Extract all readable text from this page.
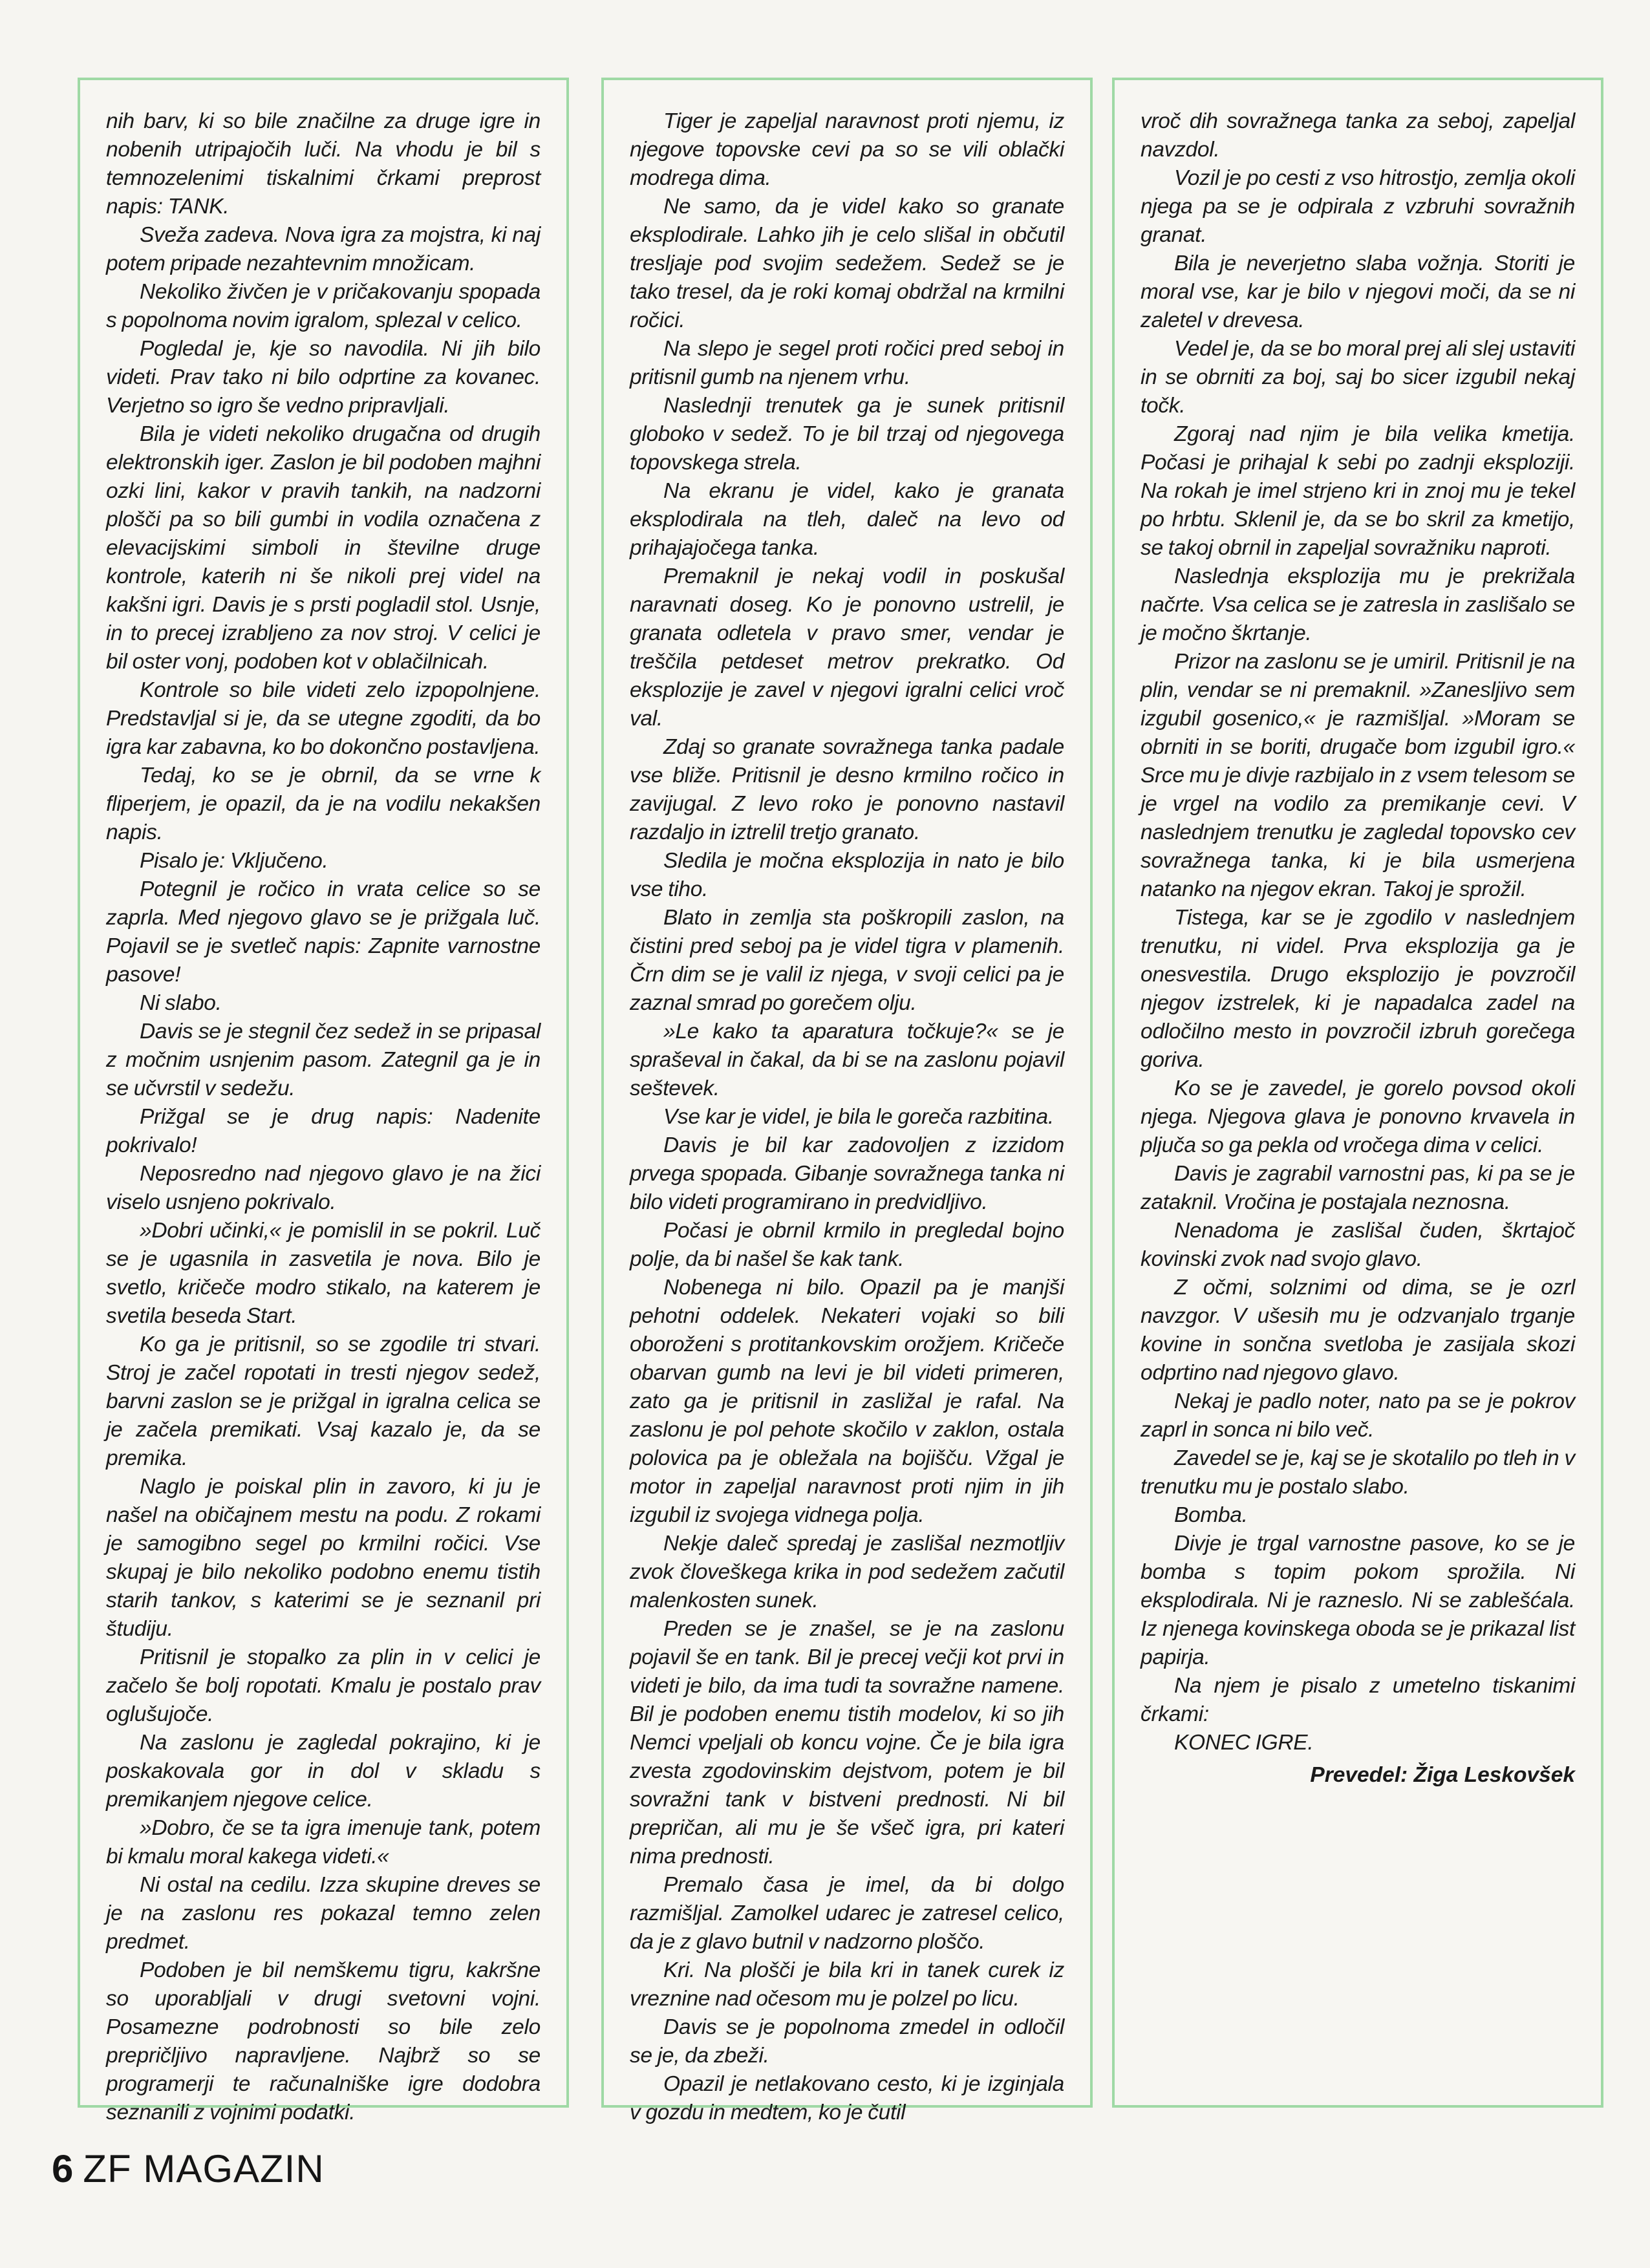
nih barv, ki so bile značilne za druge igre in nobenih utripajočih luči. Na vhodu je bil s temnozelenimi tiskalnimi črkami preprost napis: TANK.

Sveža zadeva. Nova igra za mojstra, ki naj potem pripade nezahtevnim množicam.

Nekoliko živčen je v pričakovanju spopada s popolnoma novim igralom, splezal v celico.

Pogledal je, kje so navodila. Ni jih bilo videti. Prav tako ni bilo odprtine za kovanec. Verjetno so igro še vedno pripravljali.

Bila je videti nekoliko drugačna od drugih elektronskih iger. Zaslon je bil podoben majhni ozki lini, kakor v pravih tankih, na nadzorni plošči pa so bili gumbi in vodila označena z elevacijskimi simboli in številne druge kontrole, katerih ni še nikoli prej videl na kakšni igri. Davis je s prsti pogladil stol. Usnje, in to precej izrabljeno za nov stroj. V celici je bil oster vonj, podoben kot v oblačilnicah.

Kontrole so bile videti zelo izpopolnjene. Predstavljal si je, da se utegne zgoditi, da bo igra kar zabavna, ko bo dokončno postavljena.

Tedaj, ko se je obrnil, da se vrne k fliperjem, je opazil, da je na vodilu nekakšen napis.

Pisalo je: Vključeno.

Potegnil je ročico in vrata celice so se zaprla. Med njegovo glavo se je prižgala luč. Pojavil se je svetleč napis: Zapnite varnostne pasove!

Ni slabo.

Davis se je stegnil čez sedež in se pripasal z močnim usnjenim pasom. Zategnil ga je in se učvrstil v sedežu.

Prižgal se je drug napis: Nadenite pokrivalo!

Neposredno nad njegovo glavo je na žici viselo usnjeno pokrivalo.

»Dobri učinki,« je pomislil in se pokril. Luč se je ugasnila in zasvetila je nova. Bilo je svetlo, kričeče modro stikalo, na katerem je svetila beseda Start.

Ko ga je pritisnil, so se zgodile tri stvari. Stroj je začel ropotati in tresti njegov sedež, barvni zaslon se je prižgal in igralna celica se je začela premikati. Vsaj kazalo je, da se premika.

Naglo je poiskal plin in zavoro, ki ju je našel na običajnem mestu na podu. Z rokami je samogibno segel po krmilni ročici. Vse skupaj je bilo nekoliko podobno enemu tistih starih tankov, s katerimi se je seznanil pri študiju.

Pritisnil je stopalko za plin in v celici je začelo še bolj ropotati. Kmalu je postalo prav oglušujoče.

Na zaslonu je zagledal pokrajino, ki je poskakovala gor in dol v skladu s premikanjem njegove celice.

»Dobro, če se ta igra imenuje tank, potem bi kmalu moral kakega videti.«

Ni ostal na cedilu. Izza skupine dreves se je na zaslonu res pokazal temno zelen predmet.

Podoben je bil nemškemu tigru, kakršne so uporabljali v drugi svetovni vojni. Posamezne podrobnosti so bile zelo prepričljivo napravljene. Najbrž so se programerji te računalniške igre dodobra seznanili z vojnimi podatki.

Tiger je zapeljal naravnost proti njemu, iz njegove topovske cevi pa so se vili oblački modrega dima.

Ne samo, da je videl kako so granate eksplodirale. Lahko jih je celo slišal in občutil tresljaje pod svojim sedežem. Sedež se je tako tresel, da je roki komaj obdržal na krmilni ročici.

Na slepo je segel proti ročici pred seboj in pritisnil gumb na njenem vrhu.

Naslednji trenutek ga je sunek pritisnil globoko v sedež. To je bil trzaj od njegovega topovskega strela.

Na ekranu je videl, kako je granata eksplodirala na tleh, daleč na levo od prihajajočega tanka.

Premaknil je nekaj vodil in poskušal naravnati doseg. Ko je ponovno ustrelil, je granata odletela v pravo smer, vendar je treščila petdeset metrov prekratko. Od eksplozije je zavel v njegovi igralni celici vroč val.

Zdaj so granate sovražnega tanka padale vse bliže. Pritisnil je desno krmilno ročico in zavijugal. Z levo roko je ponovno nastavil razdaljo in iztrelil tretjo granato.

Sledila je močna eksplozija in nato je bilo vse tiho.

Blato in zemlja sta poškropili zaslon, na čistini pred seboj pa je videl tigra v plamenih. Črn dim se je valil iz njega, v svoji celici pa je zaznal smrad po gorečem olju.

»Le kako ta aparatura točkuje?« se je spraševal in čakal, da bi se na zaslonu pojavil seštevek.

Vse kar je videl, je bila le goreča razbitina.

Davis je bil kar zadovoljen z izzidom prvega spopada. Gibanje sovražnega tanka ni bilo videti programirano in predvidljivo.

Počasi je obrnil krmilo in pregledal bojno polje, da bi našel še kak tank.

Nobenega ni bilo. Opazil pa je manjši pehotni oddelek. Nekateri vojaki so bili oboroženi s protitankovskim orožjem. Kričeče obarvan gumb na levi je bil videti primeren, zato ga je pritisnil in zasližal je rafal. Na zaslonu je pol pehote skočilo v zaklon, ostala polovica pa je obležala na bojišču. Vžgal je motor in zapeljal naravnost proti njim in jih izgubil iz svojega vidnega polja.

Nekje daleč spredaj je zaslišal nezmotljiv zvok človeškega krika in pod sedežem začutil malenkosten sunek.

Preden se je znašel, se je na zaslonu pojavil še en tank. Bil je precej večji kot prvi in videti je bilo, da ima tudi ta sovražne namene. Bil je podoben enemu tistih modelov, ki so jih Nemci vpeljali ob koncu vojne. Če je bila igra zvesta zgodovinskim dejstvom, potem je bil sovražni tank v bistveni prednosti. Ni bil prepričan, ali mu je še všeč igra, pri kateri nima prednosti.

Premalo časa je imel, da bi dolgo razmišljal. Zamolkel udarec je zatresel celico, da je z glavo butnil v nadzorno ploščo.

Kri. Na plošči je bila kri in tanek curek iz vreznine nad očesom mu je polzel po licu.

Davis se je popolnoma zmedel in odločil se je, da zbeži.

Opazil je netlakovano cesto, ki je izginjala v gozdu in medtem, ko je čutil

vroč dih sovražnega tanka za seboj, zapeljal navzdol.

Vozil je po cesti z vso hitrostjo, zemlja okoli njega pa se je odpirala z vzbruhi sovražnih granat.

Bila je neverjetno slaba vožnja. Storiti je moral vse, kar je bilo v njegovi moči, da se ni zaletel v drevesa.

Vedel je, da se bo moral prej ali slej ustaviti in se obrniti za boj, saj bo sicer izgubil nekaj točk.

Zgoraj nad njim je bila velika kmetija. Počasi je prihajal k sebi po zadnji eksploziji. Na rokah je imel strjeno kri in znoj mu je tekel po hrbtu. Sklenil je, da se bo skril za kmetijo, se takoj obrnil in zapeljal sovražniku naproti.

Naslednja eksplozija mu je prekrižala načrte. Vsa celica se je zatresla in zaslišalo se je močno škrtanje.

Prizor na zaslonu se je umiril. Pritisnil je na plin, vendar se ni premaknil. »Zanesljivo sem izgubil gosenico,« je razmišljal. »Moram se obrniti in se boriti, drugače bom izgubil igro.« Srce mu je divje razbijalo in z vsem telesom se je vrgel na vodilo za premikanje cevi. V naslednjem trenutku je zagledal topovsko cev sovražnega tanka, ki je bila usmerjena natanko na njegov ekran. Takoj je sprožil.

Tistega, kar se je zgodilo v naslednjem trenutku, ni videl. Prva eksplozija ga je onesvestila. Drugo eksplozijo je povzročil njegov izstrelek, ki je napadalca zadel na odločilno mesto in povzročil izbruh gorečega goriva.

Ko se je zavedel, je gorelo povsod okoli njega. Njegova glava je ponovno krvavela in pljuča so ga pekla od vročega dima v celici.

Davis je zagrabil varnostni pas, ki pa se je zataknil. Vročina je postajala neznosna.

Nenadoma je zaslišal čuden, škrtajoč kovinski zvok nad svojo glavo.

Z očmi, solznimi od dima, se je ozrl navzgor. V ušesih mu je odzvanjalo trganje kovine in sončna svetloba je zasijala skozi odprtino nad njegovo glavo.

Nekaj je padlo noter, nato pa se je pokrov zaprl in sonca ni bilo več.

Zavedel se je, kaj se je skotalilo po tleh in v trenutku mu je postalo slabo.

Bomba.

Divje je trgal varnostne pasove, ko se je bomba s topim pokom sprožila. Ni eksplodirala. Ni je razneslo. Ni se zablešćala. Iz njenega kovinskega oboda se je prikazal list papirja.

Na njem je pisalo z umetelno tiskanimi črkami:

KONEC IGRE.

Prevedel: Žiga Leskovšek

6 ZF MAGAZIN
